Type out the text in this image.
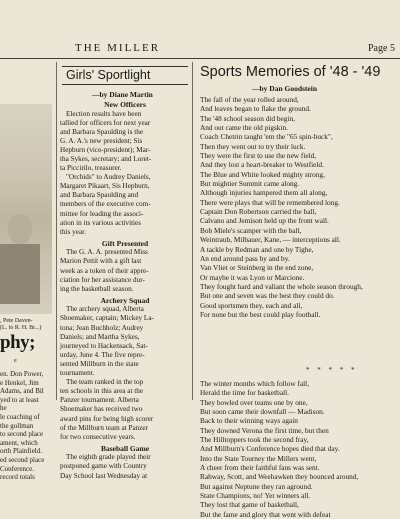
THE MILLER	Page 5
, Pete Daven-
(L. to R. H. Br...)
phy;
e
en. Don Power,
e Henkel, Jim
Adams, and Bil
yed to at least
he
le coaching of
the gollman
to second place
ament, which
orth Plainfield.
ed second place
Conference.
record totals
Girls' Sportlight
—by Diane Martin
New Officers
Election results have been
tallied for officers for next year
and Barbara Spaulding is the
G. A. A.'s new president; Sis
Hepburn (vice-president); Mar-
tha Sykes, secretary; and Loret-
ta Piccirilo, treasurer.
"Orchids" to Audrey Daniels,
Margaret Pikaart, Sis Hepburn,
and Barbara Spaulding and
members of the executive com-
mittee for leading the associ-
ation in its various activities
this year.
Gift Presented
The G. A. A. presented Miss
Marion Pettit with a gift last
week as a token of their appre-
ciation for her assistance dur-
ing the basketball season.
Archery Squad
The archery squad, Alberta
Shoemaker, captain; Mickey La-
tona; Jean Buchholz; Audrey
Daniels; and Martha Sykes,
journeyed to Hackensack, Sat-
urday, June 4. The five repre-
sented Millburn in the state
tournament.
The team ranked in the top
ten schools in this area at the
Panzer tournament. Alberta
Shoemaker has received two
award pins for being high scorer
of the Millburn team at Panzer
for two consecutive years.
Baseball Game
The eighth grade played their
postponed game with Country
Day School last Wednesday at
Sports Memories of '48 - '49
—by Dan Goodstein
* * * * *
The fall of the year rolled around,
And leaves began to flake the ground.
The '48 school season did begin,
And out came the old pigskin.
Coach Chetrin taught 'em the "65 spin-buck",
Then they went out to try their luck.
They were the first to use the new field,
And they lost a heart-breaker to Westfield.
The Blue and White looked mighty strong,
But mightier Summit came along.
Although injuries hampered them all along,
There were plays that will be remembered long.
Captain Don Robertson carried the ball,
Calvano and Jemison held up the front wall.
Bob Miele's scamper with the ball,
Weintraub, Milbauer, Kane, — interceptions all.
A tackle by Redman and one by Tighe,
An end around pass by and by.
Van Vliet or Steinberg in the end zone,
Or maybe it was Lyon or Marcione.
They fought hard and valiant the whole season through,
But one and seven was the best they could do.
Good sportsmen they, each and all,
For none but the best could play football.
The winter months which follow fall,
Herald the time for basketball.
They bowled over teams one by one,
But soon came their downfall — Madison.
Back to their winning ways again
They downed Verona the first time, but then
The Hilltoppers took the second fray,
And Millburn's Conference hopes died that day.
Into the State Tourney the Millers went,
A cheer from their faithful fans was sent.
Rahway, Scott, and Weehawken they bounced around,
But against Neptune they ran aground.
State Champions, no! Yet winners all.
They lost that game of basketball,
But the fame and glory that went with defeat
